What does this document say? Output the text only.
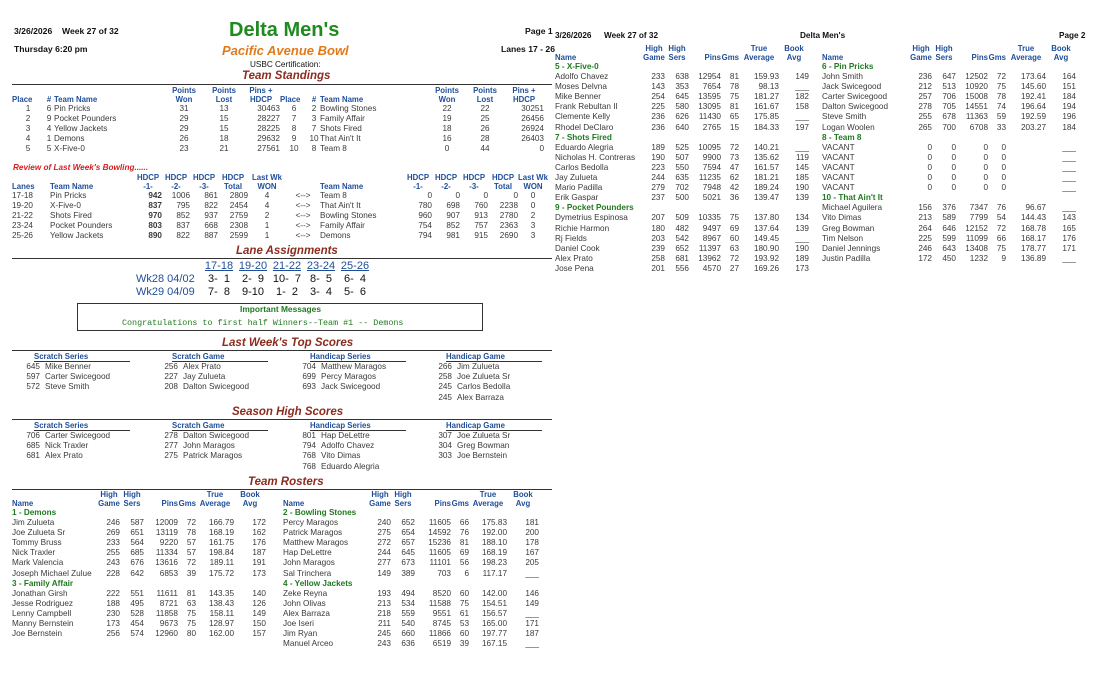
3/26/2026 Week 27 of 32	Delta Men's	Page 1
Thursday 6:20 pm	Pacific Avenue Bowl	Lanes 17 - 26
USBC Certification:
Team Standings
Place	#	Team Name	Points
Won	Points
Lost	Pins +
HDCP	Place	#	Team Name	Points
Won	Points
Lost	Pins +
HDCP
1	6	Pin Pricks	31	13	30463	6	2	Bowling Stones	22	22	30251
2	9	Pocket Pounders	29	15	28227	7	3	Family Affair	19	25	26456
3	4	Yellow Jackets	29	15	28225	8	7	Shots Fired	18	26	26924
4	1	Demons	26	18	29632	9	10	That Ain't It	16	28	26403
5	5	X-Five-0	23	21	27561	10	8	Team 8	0	44	0
Review of Last Week's Bowling......
Lanes	Team Name	HDCP
-1-	HDCP
-2-	HDCP
-3-	HDCP
Total	Last Wk
WON		Team Name	HDCP
-1-	HDCP
-2-	HDCP
-3-	HDCP
Total	Last Wk
WON
17-18	Pin Pricks	942	1006	861	2809	4	<-->	Team 8	0	0	0	0	0
19-20	X-Five-0	837	795	822	2454	4	<-->	That Ain't It	780	698	760	2238	0
21-22	Shots Fired	970	852	937	2759	2	<-->	Bowling Stones	960	907	913	2780	2
23-24	Pocket Pounders	803	837	668	2308	1	<-->	Family Affair	754	852	757	2363	3
25-26	Yellow Jackets	890	822	887	2599	1	<-->	Demons	794	981	915	2690	3
Lane Assignments
	17-18	19-20	21-22	23-24	25-26
Wk28 04/02	3-  1	2-  9	10-  7	8-  5	6-  4
Wk29 04/09	7-  8	9-10	1-  2	3-  4	5-  6
Important Messages
Congratulations to first half Winners--Team #1 -- Demons
Last Week's Top Scores
Scratch Series
645 Mike Benner
597 Carter Swicegood
572 Steve Smith
Scratch Game
256 Alex Prato
227 Jay Zulueta
208 Dalton Swicegood
Handicap Series
704 Matthew Maragos
699 Percy Maragos
693 Jack Swicegood
Handicap Game
266 Jim Zulueta
258 Joe Zulueta Sr
245 Carlos Bedolla
245 Alex Barraza
Season High Scores
Scratch Series
706 Carter Swicegood
685 Nick Traxler
681 Alex Prato
Scratch Game
278 Dalton Swicegood
277 John Maragos
275 Patrick Maragos
Handicap Series
801 Hap DeLettre
794 Adolfo Chavez
768 Vito Dimas
768 Eduardo Alegria
Handicap Game
307 Joe Zulueta Sr
304 Greg Bowman
303 Joe Bernstein
Team Rosters
Name	High
Game	High
Sers	Pins	Gms	True
Average	Book
Avg
1 - Demons						
Jim Zulueta	246	587	12009	72	166.79	172
Joe Zulueta Sr	269	651	13119	78	168.19	162
Tommy Bruss	233	564	9220	57	161.75	176
Nick Traxler	255	685	11334	57	198.84	187
Mark Valencia	243	676	13616	72	189.11	191
Joseph Michael Zulue	228	642	6853	39	175.72	173
3 - Family Affair						
Jonathan Girsh	222	551	11611	81	143.35	140
Jesse Rodriguez	188	495	8721	63	138.43	126
Lenny Campbell	230	528	11858	75	158.11	149
Manny Bernstein	173	454	9673	75	128.97	150
Joe Bernstein	256	574	12960	80	162.00	157
Name	High
Game	High
Sers	Pins	Gms	True
Average	Book
Avg
2 - Bowling Stones						
Percy Maragos	240	652	11605	66	175.83	181
Patrick Maragos	275	654	14592	76	192.00	200
Matthew Maragos	272	657	15236	81	188.10	178
Hap DeLettre	244	645	11605	69	168.19	167
John Maragos	277	673	11101	56	198.23	205
Sal Trinchera	149	389	703	6	117.17	___
4 - Yellow Jackets						
Zeke Reyna	193	494	8520	60	142.00	146
John Olivas	213	534	11588	75	154.51	149
Alex Barraza	218	559	9551	61	156.57	___
Joe Iseri	211	540	8745	53	165.00	171
Jim Ryan	245	660	11866	60	197.77	187
Manuel Arceo	243	636	6519	39	167.15	___
3/26/2026 Week 27 of 32	Delta Men's	Page 2
Name	High
Game	High
Sers	Pins	Gms	True
Average	Book
Avg
5 - X-Five-0						
Adolfo Chavez	233	638	12954	81	159.93	149
Moses Delvna	143	353	7654	78	98.13	___
Mike Benner	254	645	13595	75	181.27	182
Frank Rebultan II	225	580	13095	81	161.67	158
Clemente Kelly	236	626	11430	65	175.85	___
Rhodel DeClaro	236	640	2765	15	184.33	197
7 - Shots Fired						
Eduardo Alegria	189	525	10095	72	140.21	___
Nicholas H. Contreras	190	507	9900	73	135.62	119
Carlos Bedolla	223	550	7594	47	161.57	145
Jay Zulueta	244	635	11235	62	181.21	185
Mario Padilla	279	702	7948	42	189.24	190
Erik Gaspar	237	500	5021	36	139.47	139
9 - Pocket Pounders						
Dymetrius Espinosa	207	509	10335	75	137.80	134
Richie Harmon	180	482	9497	69	137.64	139
Rj Fields	203	542	8967	60	149.45	___
Daniel Cook	239	652	11397	63	180.90	190
Alex Prato	258	681	13962	72	193.92	189
Jose Pena	201	556	4570	27	169.26	173
Name	High
Game	High
Sers	Pins	Gms	True
Average	Book
Avg
6 - Pin Pricks						
John Smith	236	647	12502	72	173.64	164
Jack Swicegood	212	513	10920	75	145.60	151
Carter Swicegood	257	706	15008	78	192.41	184
Dalton Swicegood	278	705	14551	74	196.64	194
Steve Smith	255	678	11363	59	192.59	196
Logan Woolen	265	700	6708	33	203.27	184
8 - Team 8						
VACANT	0	0	0	0		___
VACANT	0	0	0	0		___
VACANT	0	0	0	0		___
VACANT	0	0	0	0		___
VACANT	0	0	0	0		___
10 - That Ain't It						
Michael Aguilera	156	376	7347	76	96.67	___
Vito Dimas	213	589	7799	54	144.43	143
Greg Bowman	264	646	12152	72	168.78	165
Tim Nelson	225	599	11099	66	168.17	176
Daniel Jennings	246	643	13408	75	178.77	171
Justin Padilla	172	450	1232	9	136.89	___
